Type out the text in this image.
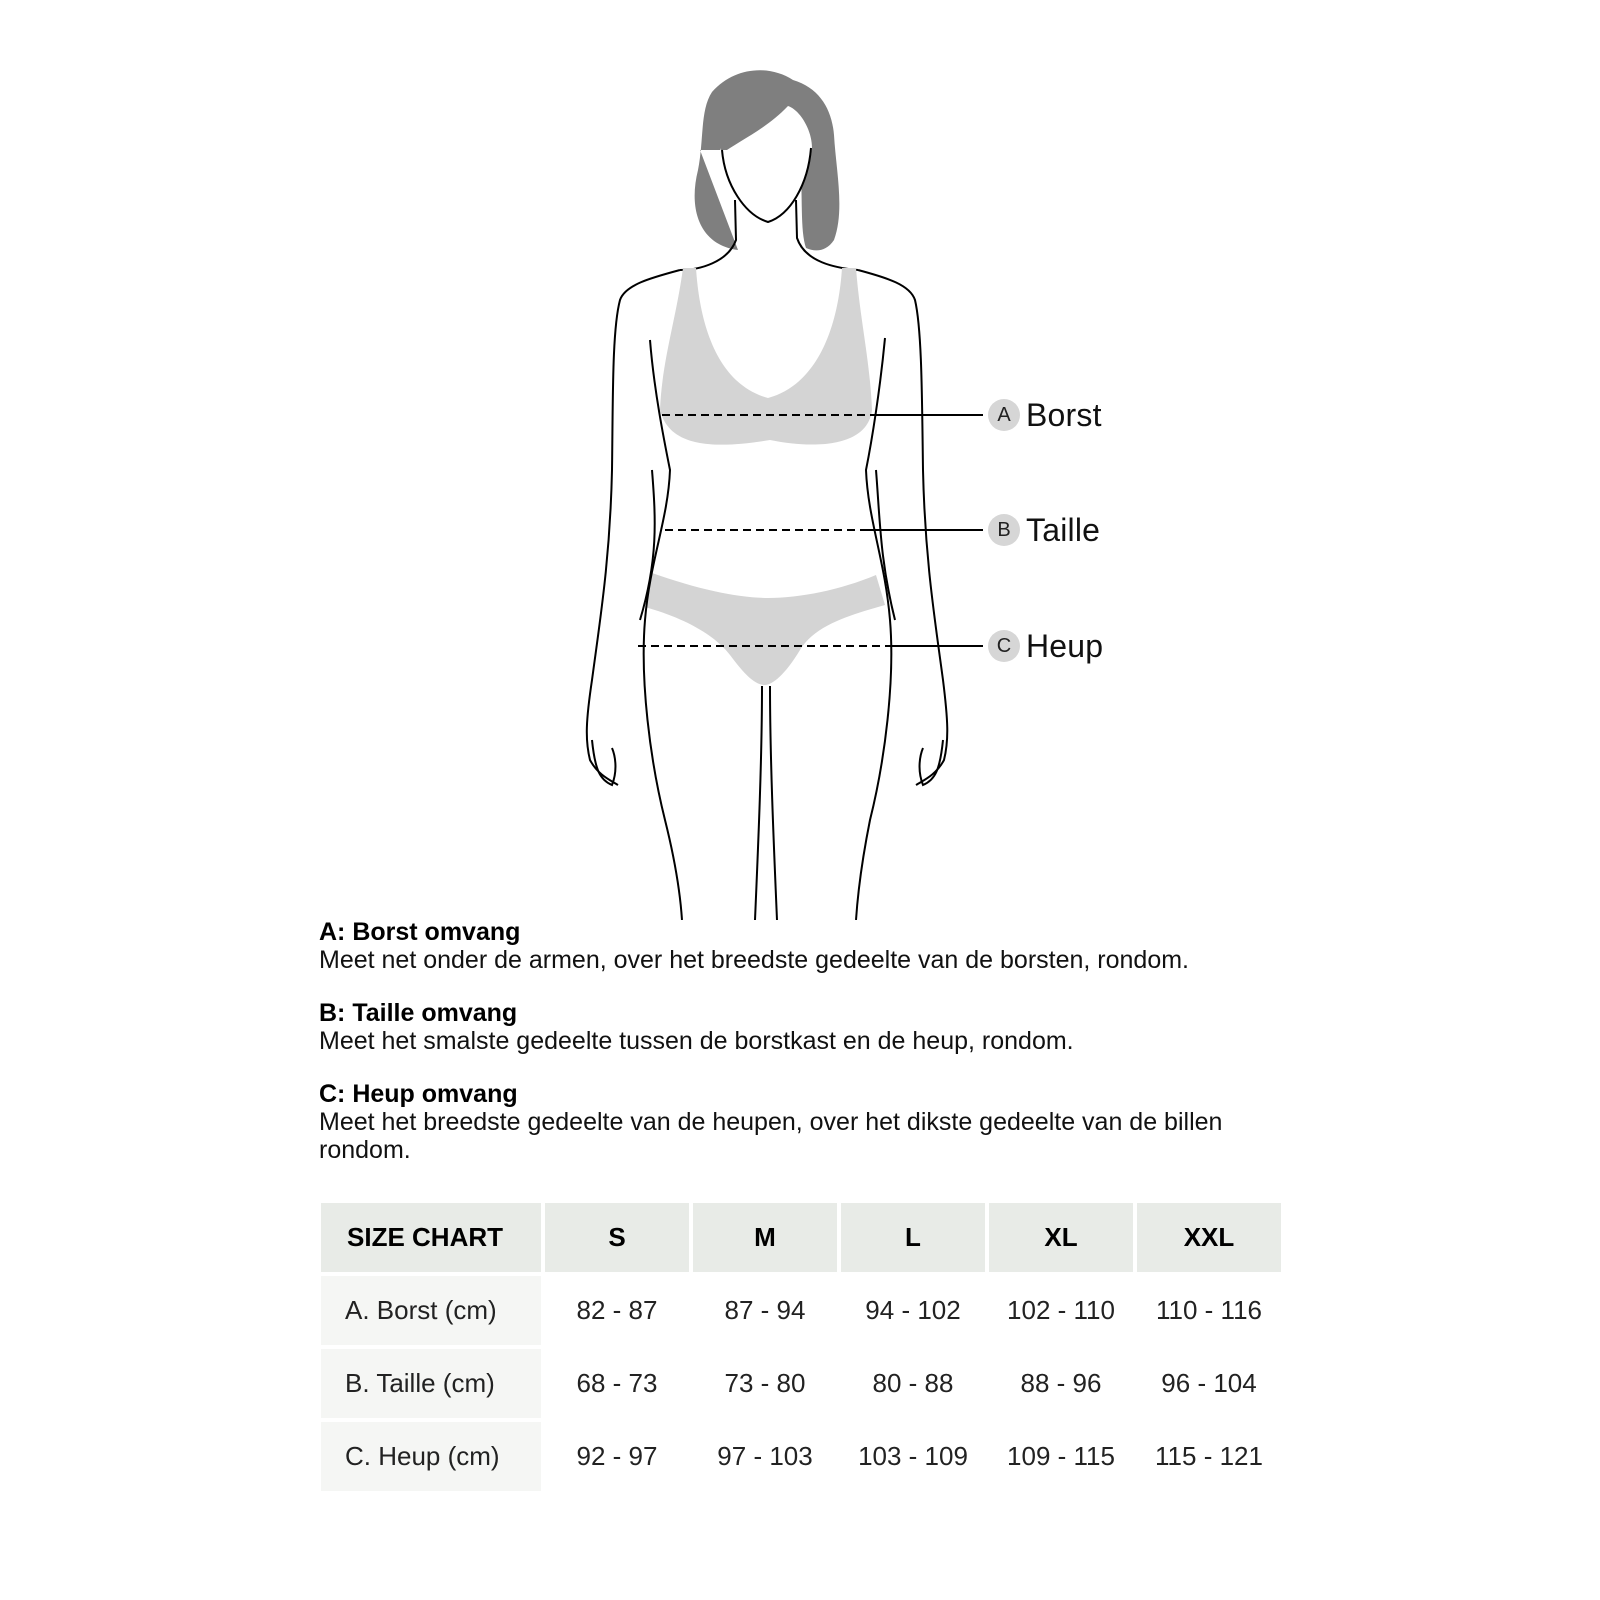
A Borst
B Taille
C Heup
A: Borst omvang
Meet net onder de armen, over het breedste gedeelte van de borsten, rondom.
B: Taille omvang
Meet het smalste gedeelte tussen de borstkast en de heup, rondom.
C: Heup omvang
Meet het breedste gedeelte van de heupen, over het dikste gedeelte van de billen rondom.
SIZE CHART	S	M	L	XL	XXL
A. Borst (cm)	82 - 87	87 - 94	94 - 102	102 - 110	110 - 116
B. Taille (cm)	68 - 73	73 - 80	80 - 88	88 - 96	96 - 104
C. Heup (cm)	92 - 97	97 - 103	103 - 109	109 - 115	115 - 121
